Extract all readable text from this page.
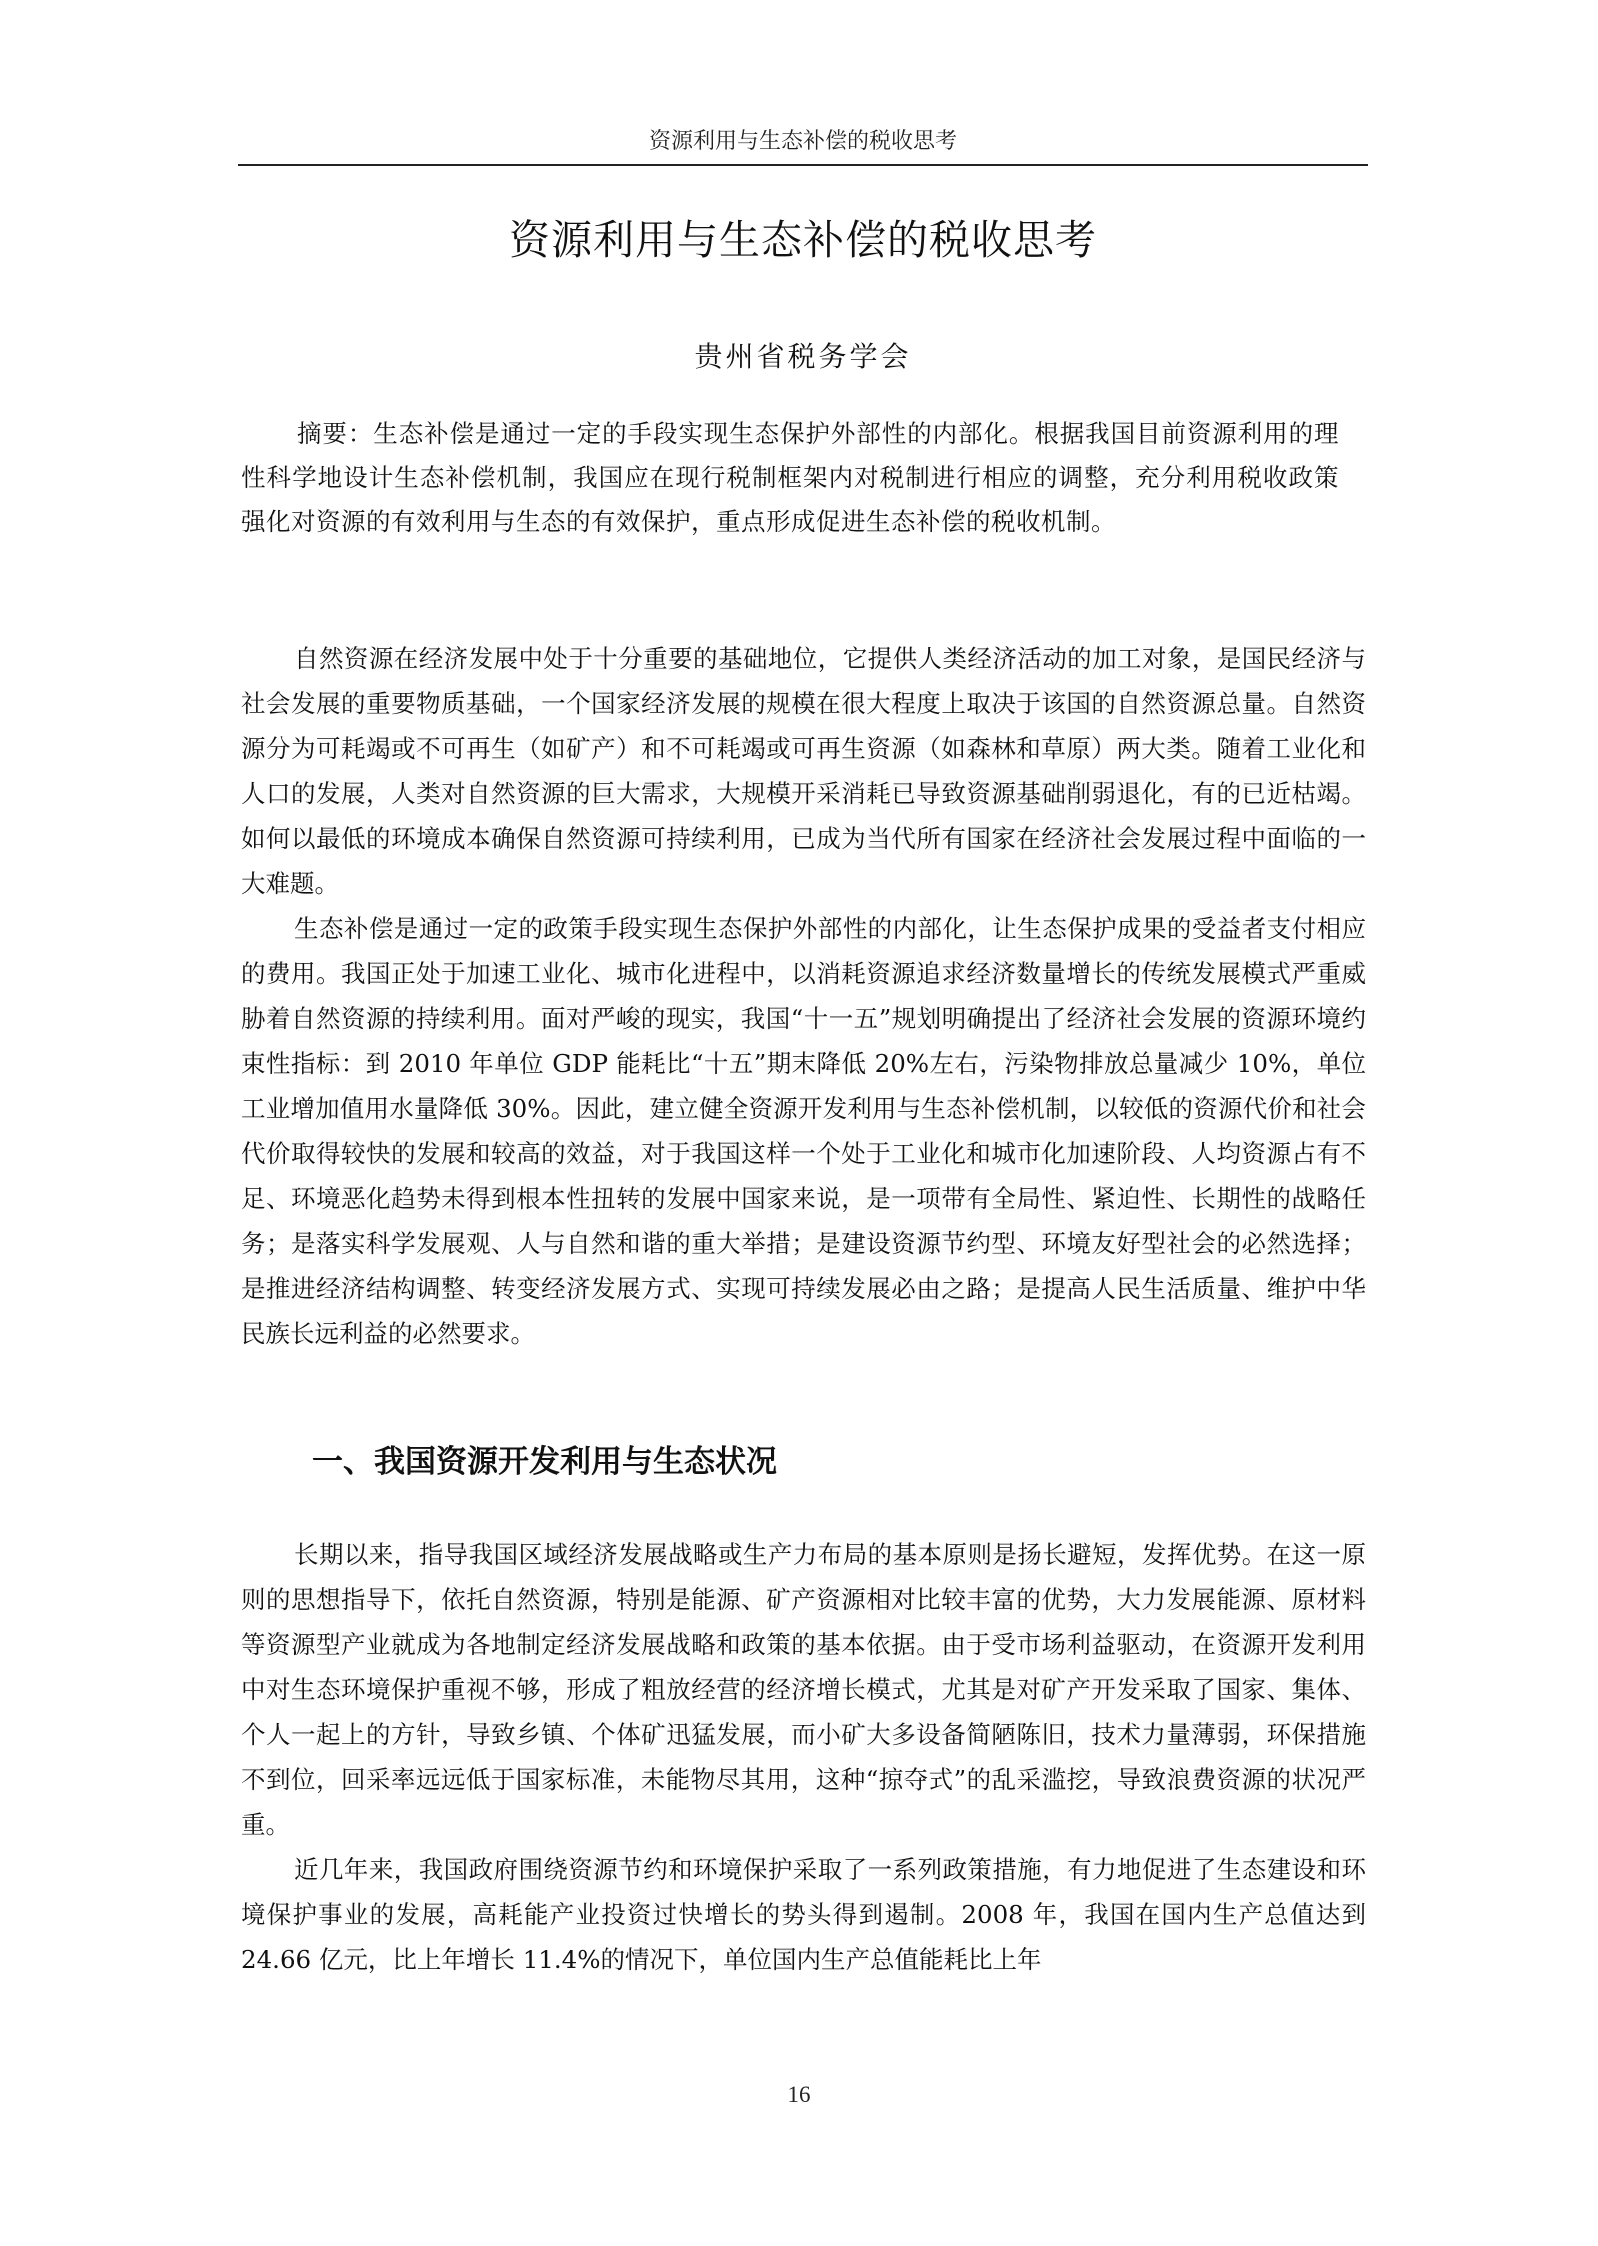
资源利用与生态补偿的税收思考
资源利用与生态补偿的税收思考
贵州省税务学会

摘要：生态补偿是通过一定的手段实现生态保护外部性的内部化。根据我国目前资源利用的理性科学地设计生态补偿机制，我国应在现行税制框架内对税制进行相应的调整，充分利用税收政策强化对资源的有效利用与生态的有效保护，重点形成促进生态补偿的税收机制。

自然资源在经济发展中处于十分重要的基础地位，它提供人类经济活动的加工对象，是国民经济与社会发展的重要物质基础，一个国家经济发展的规模在很大程度上取决于该国的自然资源总量。自然资源分为可耗竭或不可再生（如矿产）和不可耗竭或可再生资源（如森林和草原）两大类。随着工业化和人口的发展，人类对自然资源的巨大需求，大规模开采消耗已导致资源基础削弱退化，有的已近枯竭。如何以最低的环境成本确保自然资源可持续利用，已成为当代所有国家在经济社会发展过程中面临的一大难题。

生态补偿是通过一定的政策手段实现生态保护外部性的内部化，让生态保护成果的受益者支付相应的费用。我国正处于加速工业化、城市化进程中，以消耗资源追求经济数量增长的传统发展模式严重威胁着自然资源的持续利用。面对严峻的现实，我国“十一五”规划明确提出了经济社会发展的资源环境约束性指标：到 2010 年单位 GDP 能耗比“十五”期末降低 20%左右，污染物排放总量减少 10%，单位工业增加值用水量降低 30%。因此，建立健全资源开发利用与生态补偿机制，以较低的资源代价和社会代价取得较快的发展和较高的效益，对于我国这样一个处于工业化和城市化加速阶段、人均资源占有不足、环境恶化趋势未得到根本性扭转的发展中国家来说，是一项带有全局性、紧迫性、长期性的战略任务；是落实科学发展观、人与自然和谐的重大举措；是建设资源节约型、环境友好型社会的必然选择；是推进经济结构调整、转变经济发展方式、实现可持续发展必由之路；是提高人民生活质量、维护中华民族长远利益的必然要求。

一、我国资源开发利用与生态状况

长期以来，指导我国区域经济发展战略或生产力布局的基本原则是扬长避短，发挥优势。在这一原则的思想指导下，依托自然资源，特别是能源、矿产资源相对比较丰富的优势，大力发展能源、原材料等资源型产业就成为各地制定经济发展战略和政策的基本依据。由于受市场利益驱动，在资源开发利用中对生态环境保护重视不够，形成了粗放经营的经济增长模式，尤其是对矿产开发采取了国家、集体、个人一起上的方针，导致乡镇、个体矿迅猛发展，而小矿大多设备简陋陈旧，技术力量薄弱，环保措施不到位，回采率远远低于国家标准，未能物尽其用，这种“掠夺式”的乱采滥挖，导致浪费资源的状况严重。

近几年来，我国政府围绕资源节约和环境保护采取了一系列政策措施，有力地促进了生态建设和环境保护事业的发展，高耗能产业投资过快增长的势头得到遏制。2008 年，我国在国内生产总值达到 24.66 亿元，比上年增长 11.4%的情况下，单位国内生产总值能耗比上年

16
